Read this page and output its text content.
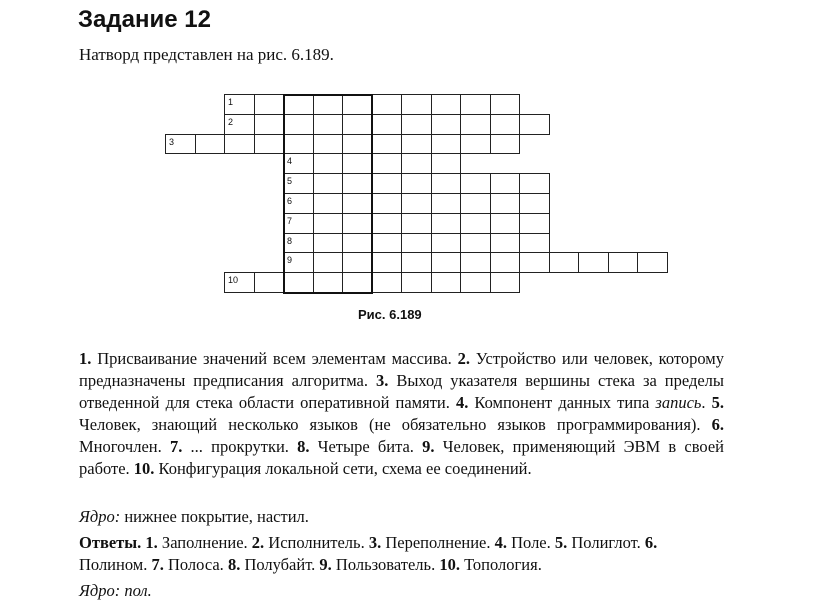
Задание 12
Натворд представлен на рис. 6.189.
1
2
3
4
5
6
7
8
9
10
Рис. 6.189
1. Присваивание значений всем элементам массива. 2. Устройство или человек, которому предназначены предписания алгоритма. 3. Выход указателя вершины стека за пределы отведенной для стека области оперативной памяти. 4. Компонент данных типа запись. 5. Человек, знающий несколько языков (не обязательно языков программирования). 6. Многочлен. 7. ... прокрутки. 8. Четыре бита. 9. Человек, применяющий ЭВМ в своей работе. 10. Конфигурация локальной сети, схема ее соединений.
Ядро: нижнее покрытие, настил.
Ответы. 1. Заполнение. 2. Исполнитель. 3. Переполнение. 4. Поле. 5. Полиглот. 6. Полином. 7. Полоса. 8. Полубайт. 9. Пользователь. 10. Топология.
Ядро: пол.
